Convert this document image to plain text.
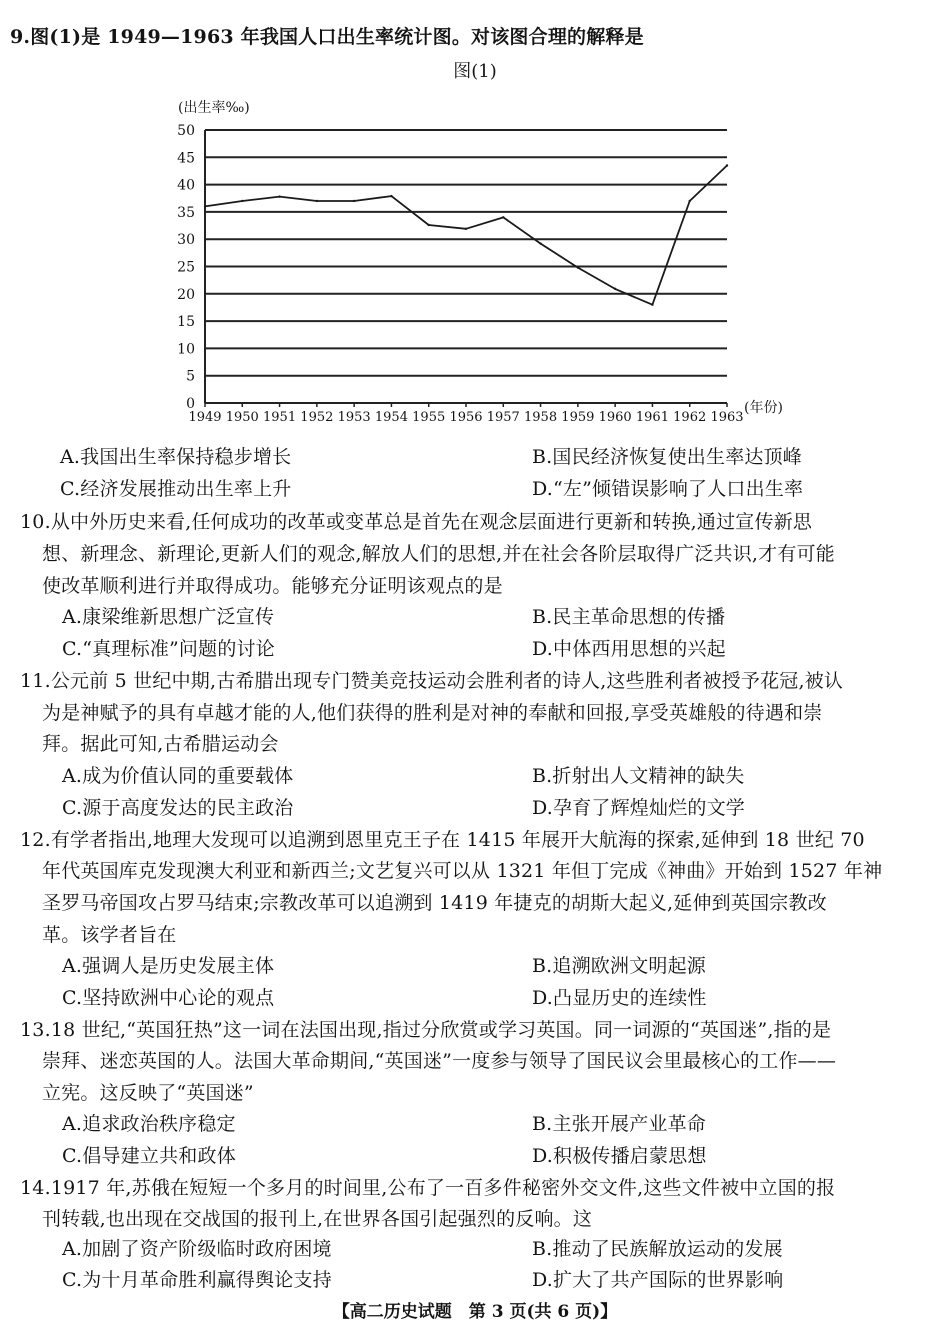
9.图(1)是 1949—1963 年我国人口出生率统计图。对该图合理的解释是
图(1)
(出生率‰)
(年份)
0
5
10
15
20
25
30
35
40
45
50
1949 1950 1951 1952 1953 1954 1955 1956 1957 1958 1959 1960 1961 1962 1963
A.我国出生率保持稳步增长	B.国民经济恢复使出生率达顶峰
C.经济发展推动出生率上升	D.“左”倾错误影响了人口出生率
10.从中外历史来看,任何成功的改革或变革总是首先在观念层面进行更新和转换,通过宣传新思
想、新理念、新理论,更新人们的观念,解放人们的思想,并在社会各阶层取得广泛共识,才有可能
使改革顺利进行并取得成功。能够充分证明该观点的是
A.康梁维新思想广泛宣传	B.民主革命思想的传播
C.“真理标准”问题的讨论	D.中体西用思想的兴起
11.公元前 5 世纪中期,古希腊出现专门赞美竞技运动会胜利者的诗人,这些胜利者被授予花冠,被认
为是神赋予的具有卓越才能的人,他们获得的胜利是对神的奉献和回报,享受英雄般的待遇和崇
拜。据此可知,古希腊运动会
A.成为价值认同的重要载体	B.折射出人文精神的缺失
C.源于高度发达的民主政治	D.孕育了辉煌灿烂的文学
12.有学者指出,地理大发现可以追溯到恩里克王子在 1415 年展开大航海的探索,延伸到 18 世纪 70
年代英国库克发现澳大利亚和新西兰;文艺复兴可以从 1321 年但丁完成《神曲》开始到 1527 年神
圣罗马帝国攻占罗马结束;宗教改革可以追溯到 1419 年捷克的胡斯大起义,延伸到英国宗教改
革。该学者旨在
A.强调人是历史发展主体	B.追溯欧洲文明起源
C.坚持欧洲中心论的观点	D.凸显历史的连续性
13.18 世纪,“英国狂热”这一词在法国出现,指过分欣赏或学习英国。同一词源的“英国迷”,指的是
崇拜、迷恋英国的人。法国大革命期间,“英国迷”一度参与领导了国民议会里最核心的工作——
立宪。这反映了“英国迷”
A.追求政治秩序稳定	B.主张开展产业革命
C.倡导建立共和政体	D.积极传播启蒙思想
14.1917 年,苏俄在短短一个多月的时间里,公布了一百多件秘密外交文件,这些文件被中立国的报
刊转载,也出现在交战国的报刊上,在世界各国引起强烈的反响。这
A.加剧了资产阶级临时政府困境	B.推动了民族解放运动的发展
C.为十月革命胜利赢得舆论支持	D.扩大了共产国际的世界影响
【高二历史试题　第 3 页(共 6 页)】
